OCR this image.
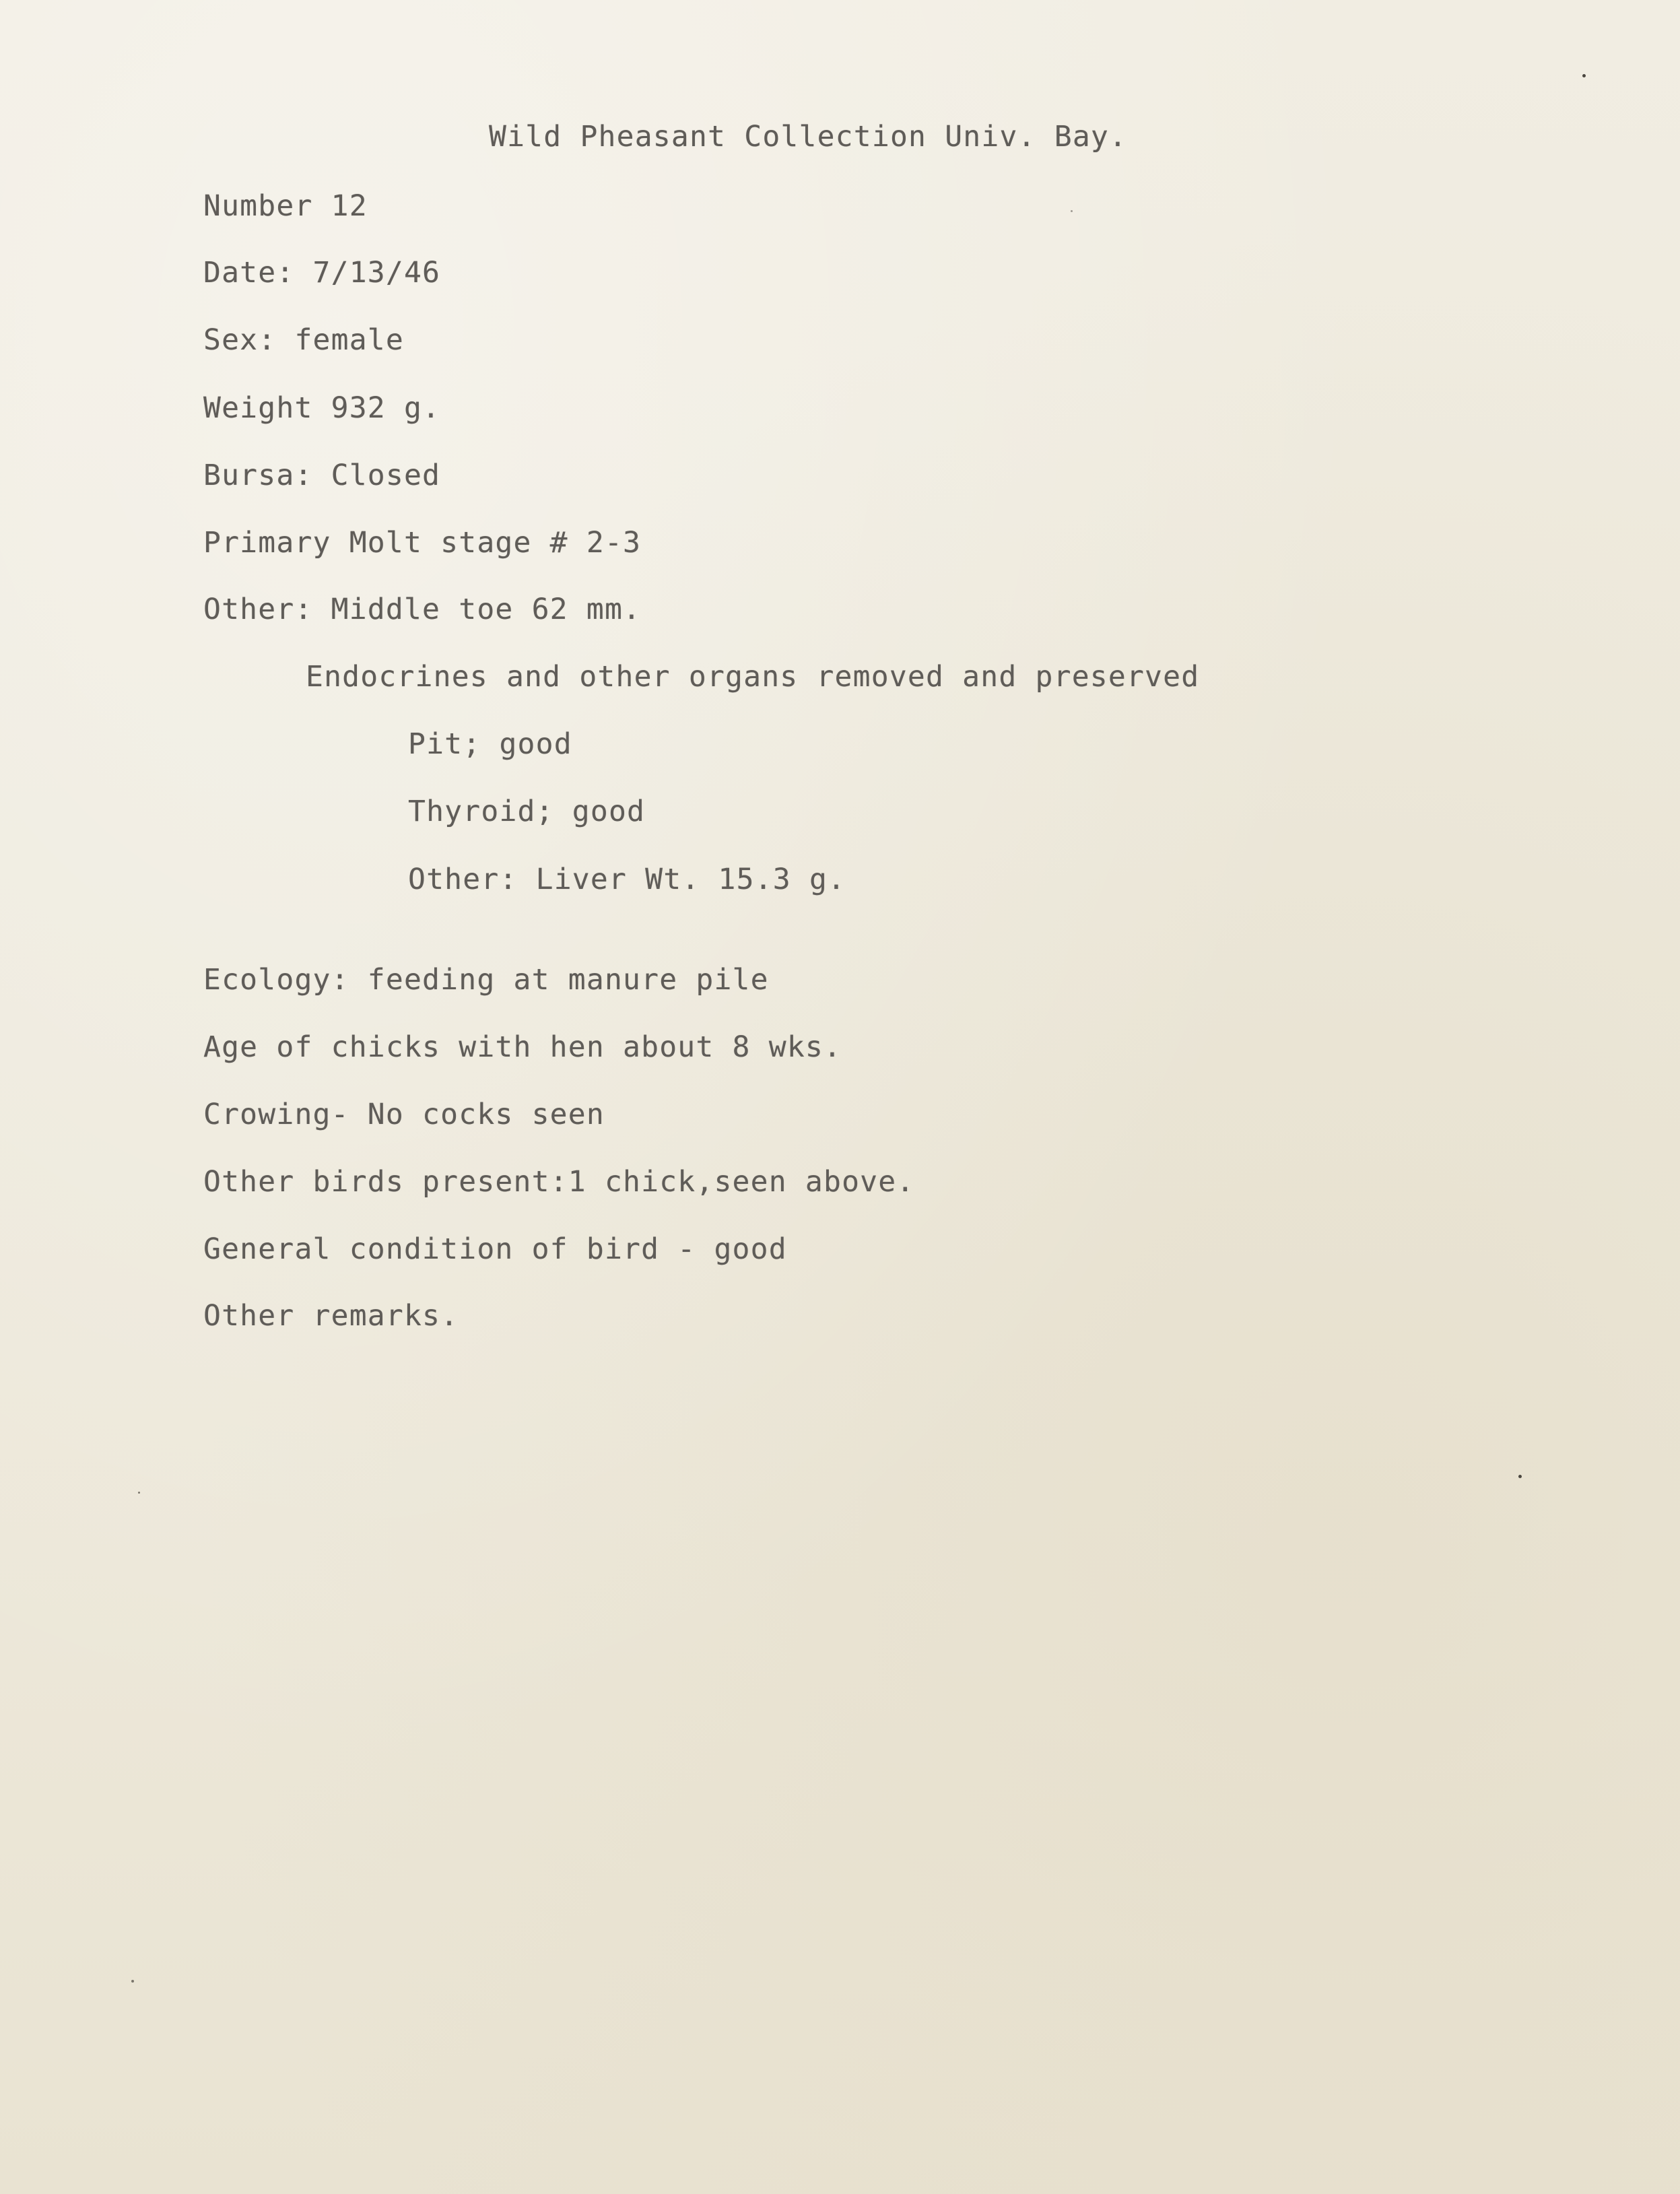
Wild Pheasant Collection Univ. Bay.

Number 12

Date: 7/13/46

Sex: female

Weight 932 g.

Bursa: Closed

Primary Molt stage # 2-3

Other: Middle toe 62 mm.

Endocrines and other organs removed and preserved

Pit; good

Thyroid; good

Other: Liver Wt. 15.3 g.

Ecology: feeding at manure pile

Age of chicks with hen about 8 wks.

Crowing- No cocks seen

Other birds present:1 chick,seen above.

General condition of bird - good

Other remarks.
